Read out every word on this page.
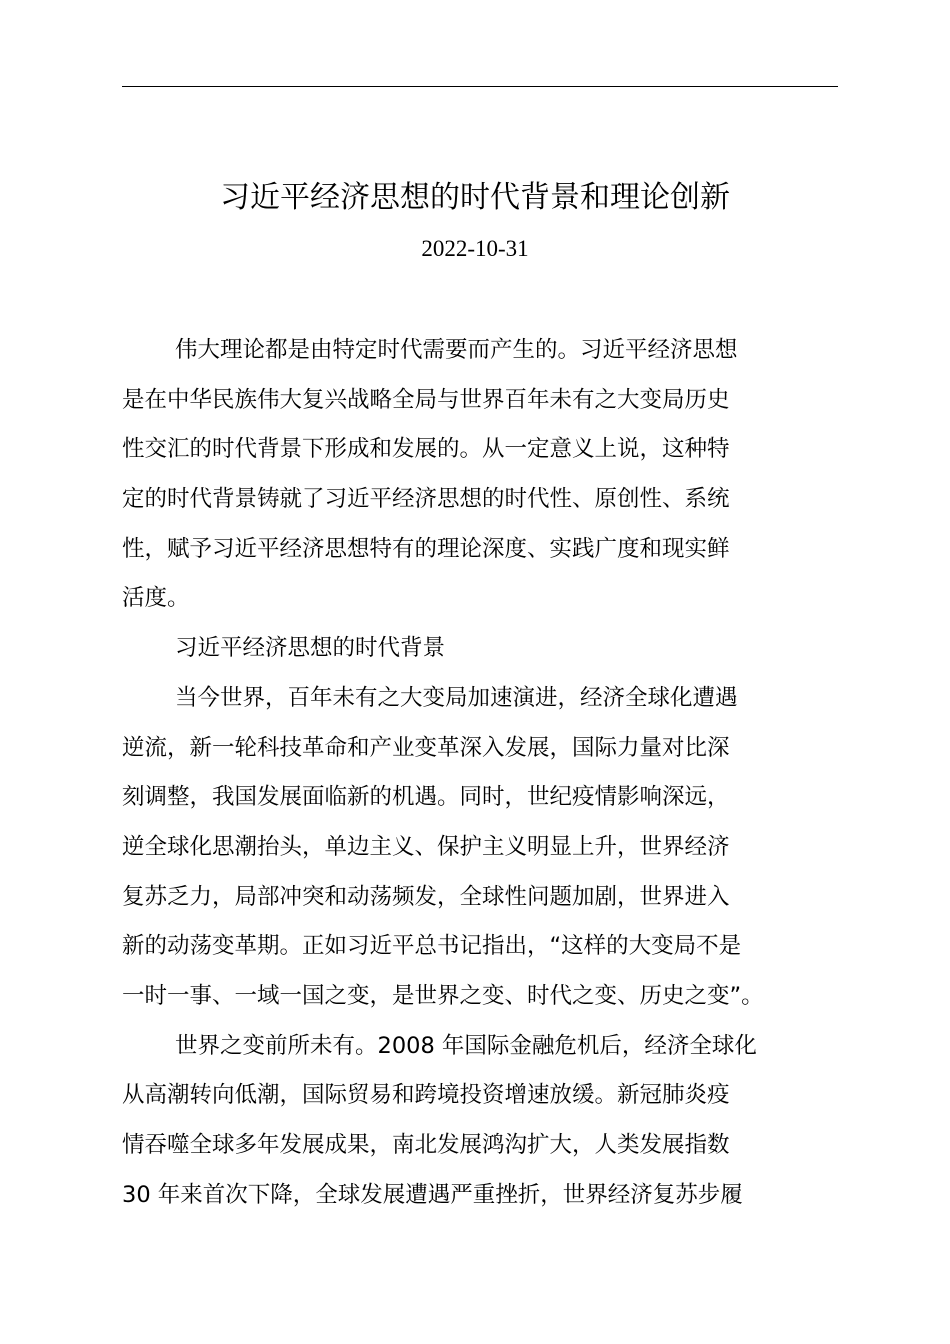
习近平经济思想的时代背景和理论创新
2022-10-31
伟大理论都是由特定时代需要而产生的。习近平经济思想
是在中华民族伟大复兴战略全局与世界百年未有之大变局历史
性交汇的时代背景下形成和发展的。从一定意义上说，这种特
定的时代背景铸就了习近平经济思想的时代性、原创性、系统
性，赋予习近平经济思想特有的理论深度、实践广度和现实鲜
活度。
习近平经济思想的时代背景
当今世界，百年未有之大变局加速演进，经济全球化遭遇
逆流，新一轮科技革命和产业变革深入发展，国际力量对比深
刻调整，我国发展面临新的机遇。同时，世纪疫情影响深远，
逆全球化思潮抬头，单边主义、保护主义明显上升，世界经济
复苏乏力，局部冲突和动荡频发，全球性问题加剧，世界进入
新的动荡变革期。正如习近平总书记指出，“这样的大变局不是
一时一事、一域一国之变，是世界之变、时代之变、历史之变”。
世界之变前所未有。2008 年国际金融危机后，经济全球化
从高潮转向低潮，国际贸易和跨境投资增速放缓。新冠肺炎疫
情吞噬全球多年发展成果，南北发展鸿沟扩大，人类发展指数
30 年来首次下降，全球发展遭遇严重挫折，世界经济复苏步履
